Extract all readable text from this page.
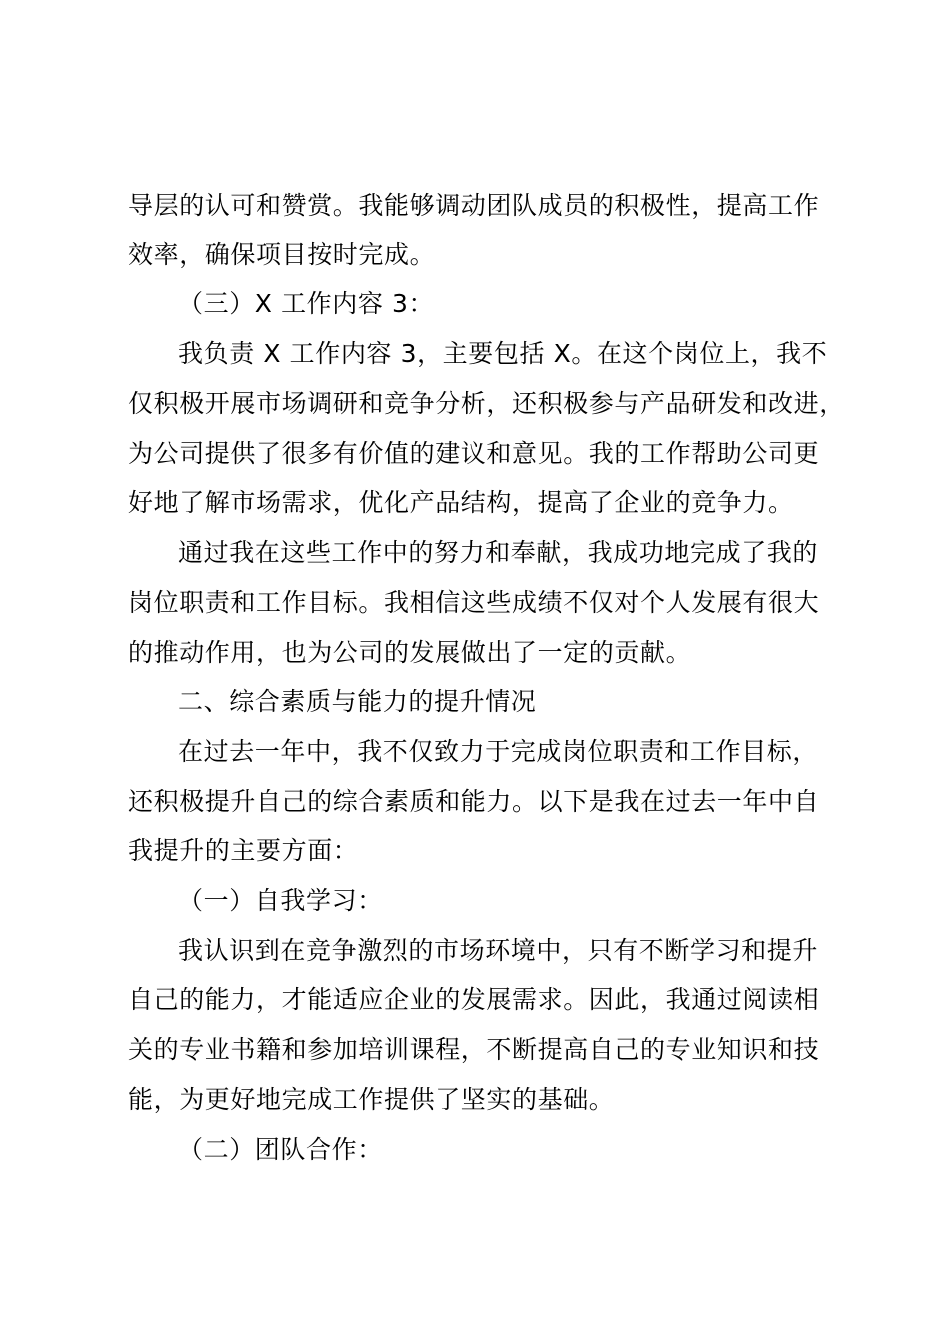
导层的认可和赞赏。我能够调动团队成员的积极性，提高工作
效率，确保项目按时完成。
（三）X 工作内容 3：
我负责 X 工作内容 3，主要包括 X。在这个岗位上，我不
仅积极开展市场调研和竞争分析，还积极参与产品研发和改进，
为公司提供了很多有价值的建议和意见。我的工作帮助公司更
好地了解市场需求，优化产品结构，提高了企业的竞争力。
通过我在这些工作中的努力和奉献，我成功地完成了我的
岗位职责和工作目标。我相信这些成绩不仅对个人发展有很大
的推动作用，也为公司的发展做出了一定的贡献。
二、综合素质与能力的提升情况
在过去一年中，我不仅致力于完成岗位职责和工作目标，
还积极提升自己的综合素质和能力。以下是我在过去一年中自
我提升的主要方面：
（一）自我学习：
我认识到在竞争激烈的市场环境中，只有不断学习和提升
自己的能力，才能适应企业的发展需求。因此，我通过阅读相
关的专业书籍和参加培训课程，不断提高自己的专业知识和技
能，为更好地完成工作提供了坚实的基础。
（二）团队合作：
